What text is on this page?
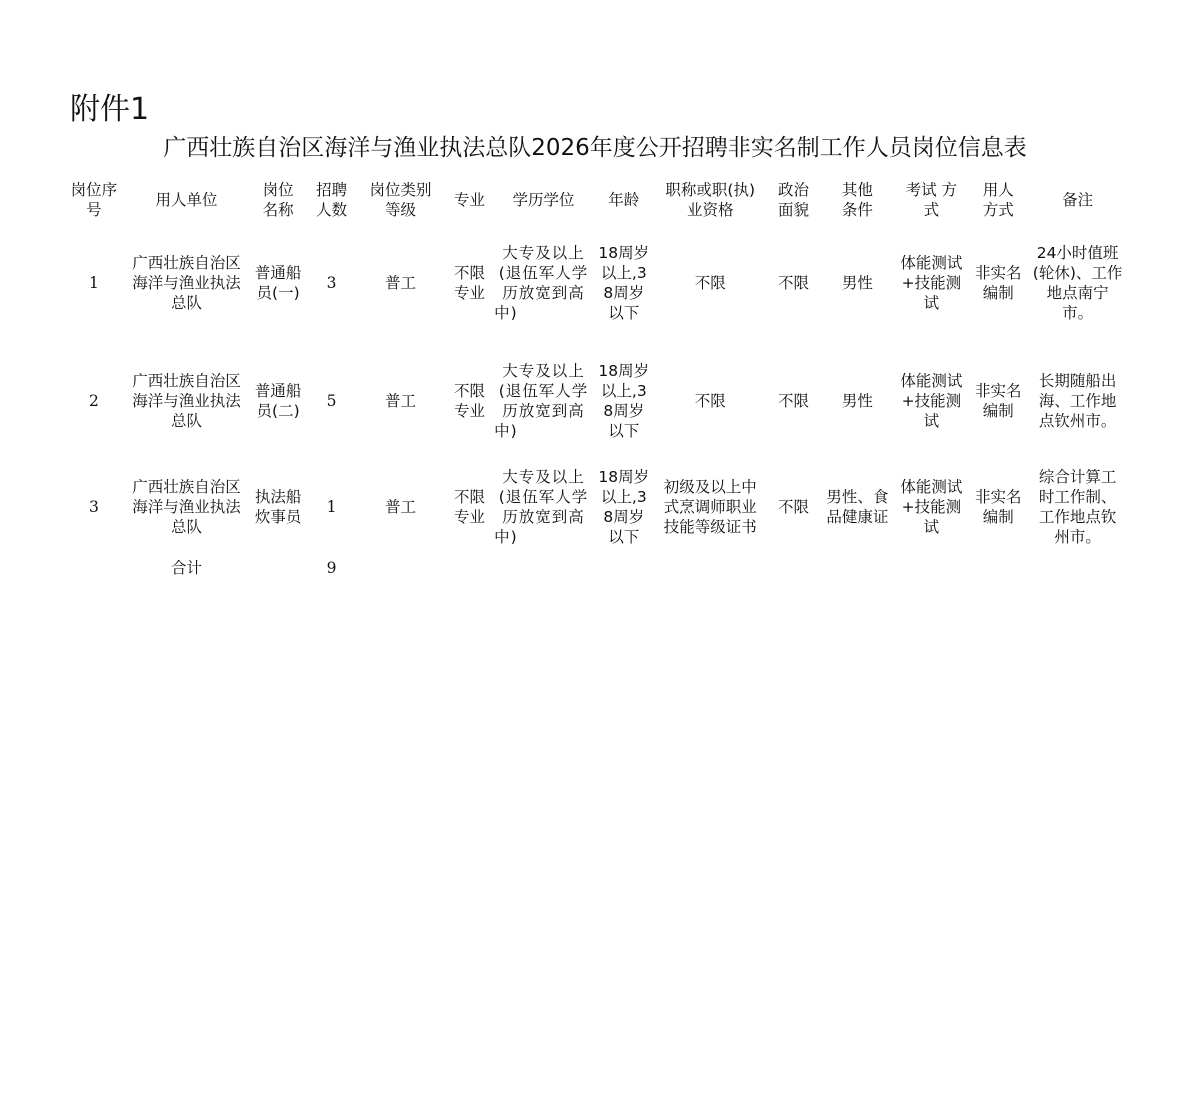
附件1
广西壮族自治区海洋与渔业执法总队2026年度公开招聘非实名制工作人员岗位信息表
岗位序号	用人单位	岗位名称	招聘人数	岗位类别等级	专业	学历学位	年龄	职称或职(执)业资格	政治面貌	其他条件	考试 方式	用人方式	备注
1	广西壮族自治区海洋与渔业执法总队	普通船员(一)	3	普工	不限专业	大专及以上(退伍军人学历放宽到高中)	18周岁以上,38周岁以下	不限	不限	男性	体能测试+技能测试	非实名编制	24小时值班(轮休)、工作地点南宁市。
2	广西壮族自治区海洋与渔业执法总队	普通船员(二)	5	普工	不限专业	大专及以上(退伍军人学历放宽到高中)	18周岁以上,38周岁以下	不限	不限	男性	体能测试+技能测试	非实名编制	长期随船出海、工作地点钦州市。
3	广西壮族自治区海洋与渔业执法总队	执法船炊事员	1	普工	不限专业	大专及以上(退伍军人学历放宽到高中)	18周岁以上,38周岁以下	初级及以上中式烹调师职业技能等级证书	不限	男性、食品健康证	体能测试+技能测试	非实名编制	综合计算工时工作制、工作地点钦州市。
	合计		9										
